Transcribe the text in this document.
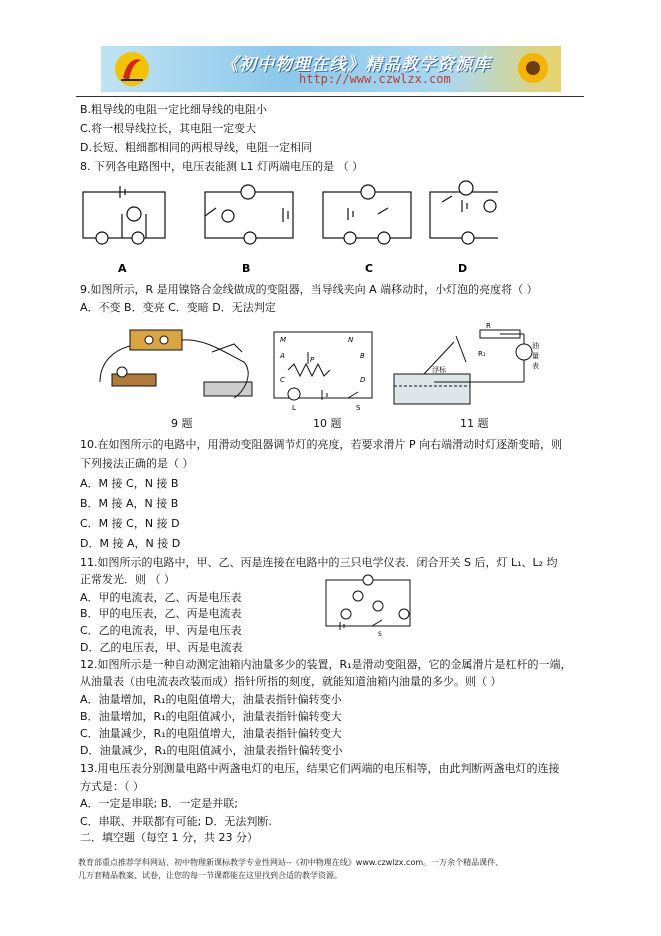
《初中物理在线》精品教学资源库
http://www.czwlzx.com
B.粗导线的电阻一定比细导线的电阻小
C.将一根导线拉长，其电阻一定变大
D.长短、粗细都相同的两根导线，电阻一定相同
8. 下列各电路图中，电压表能测 L1 灯两端电压的是 （ ）
A	B	C	D
9.如图所示，R 是用镍铬合金线做成的变阻器，当导线夹向 A 端移动时，小灯泡的亮度将（ ）
A．不变 B．变亮 C．变暗 D．无法判定
M	N
A	B
C	D
P
L	S
R
R₁
油
量
表
浮标
9 题	10 题	11 题
10.在如图所示的电路中，用滑动变阻器调节灯的亮度，若要求滑片 P 向右端滑动时灯逐渐变暗，则
下列接法正确的是（ ）
A．M 接 C，N 接 B
B．M 接 A，N 接 B
C．M 接 C，N 接 D
D．M 接 A，N 接 D
11.如图所示的电路中，甲、乙、丙是连接在电路中的三只电学仪表．闭合开关 S 后，灯 L₁、L₂ 均
正常发光．则 （ ）
A．甲的电流表，乙、丙是电压表
B．甲的电压表，乙、丙是电流表
C．乙的电流表，甲、丙是电压表
D．乙的电压表，甲、丙是电流表
S
12.如图所示是一种自动测定油箱内油量多少的装置，R₁是滑动变阻器，它的金属滑片是杠杆的一端，
从油量表（由电流表改装而成）指针所指的刻度，就能知道油箱内油量的多少。则（ ）
A．油量增加，R₁的电阻值增大，油量表指针偏转变小
B．油量增加，R₁的电阻值减小，油量表指针偏转变大
C．油量减少，R₁的电阻值增大，油量表指针偏转变大
D．油量减少，R₁的电阻值减小，油量表指针偏转变小
13.用电压表分别测量电路中两盏电灯的电压，结果它们两端的电压相等，由此判断两盏电灯的连接
方式是：（ ）
A．一定是串联; B．一定是并联;
C．串联、并联都有可能; D．无法判断.
二．填空题（每空 1 分，共 23 分）
教育部重点推荐学科网站、初中物理新课标教学专业性网站--《初中物理在线》www.czwlzx.com。一万余个精品课件、
几万套精品教案、试卷，让您的每一节课都能在这里找到合适的教学资源。
